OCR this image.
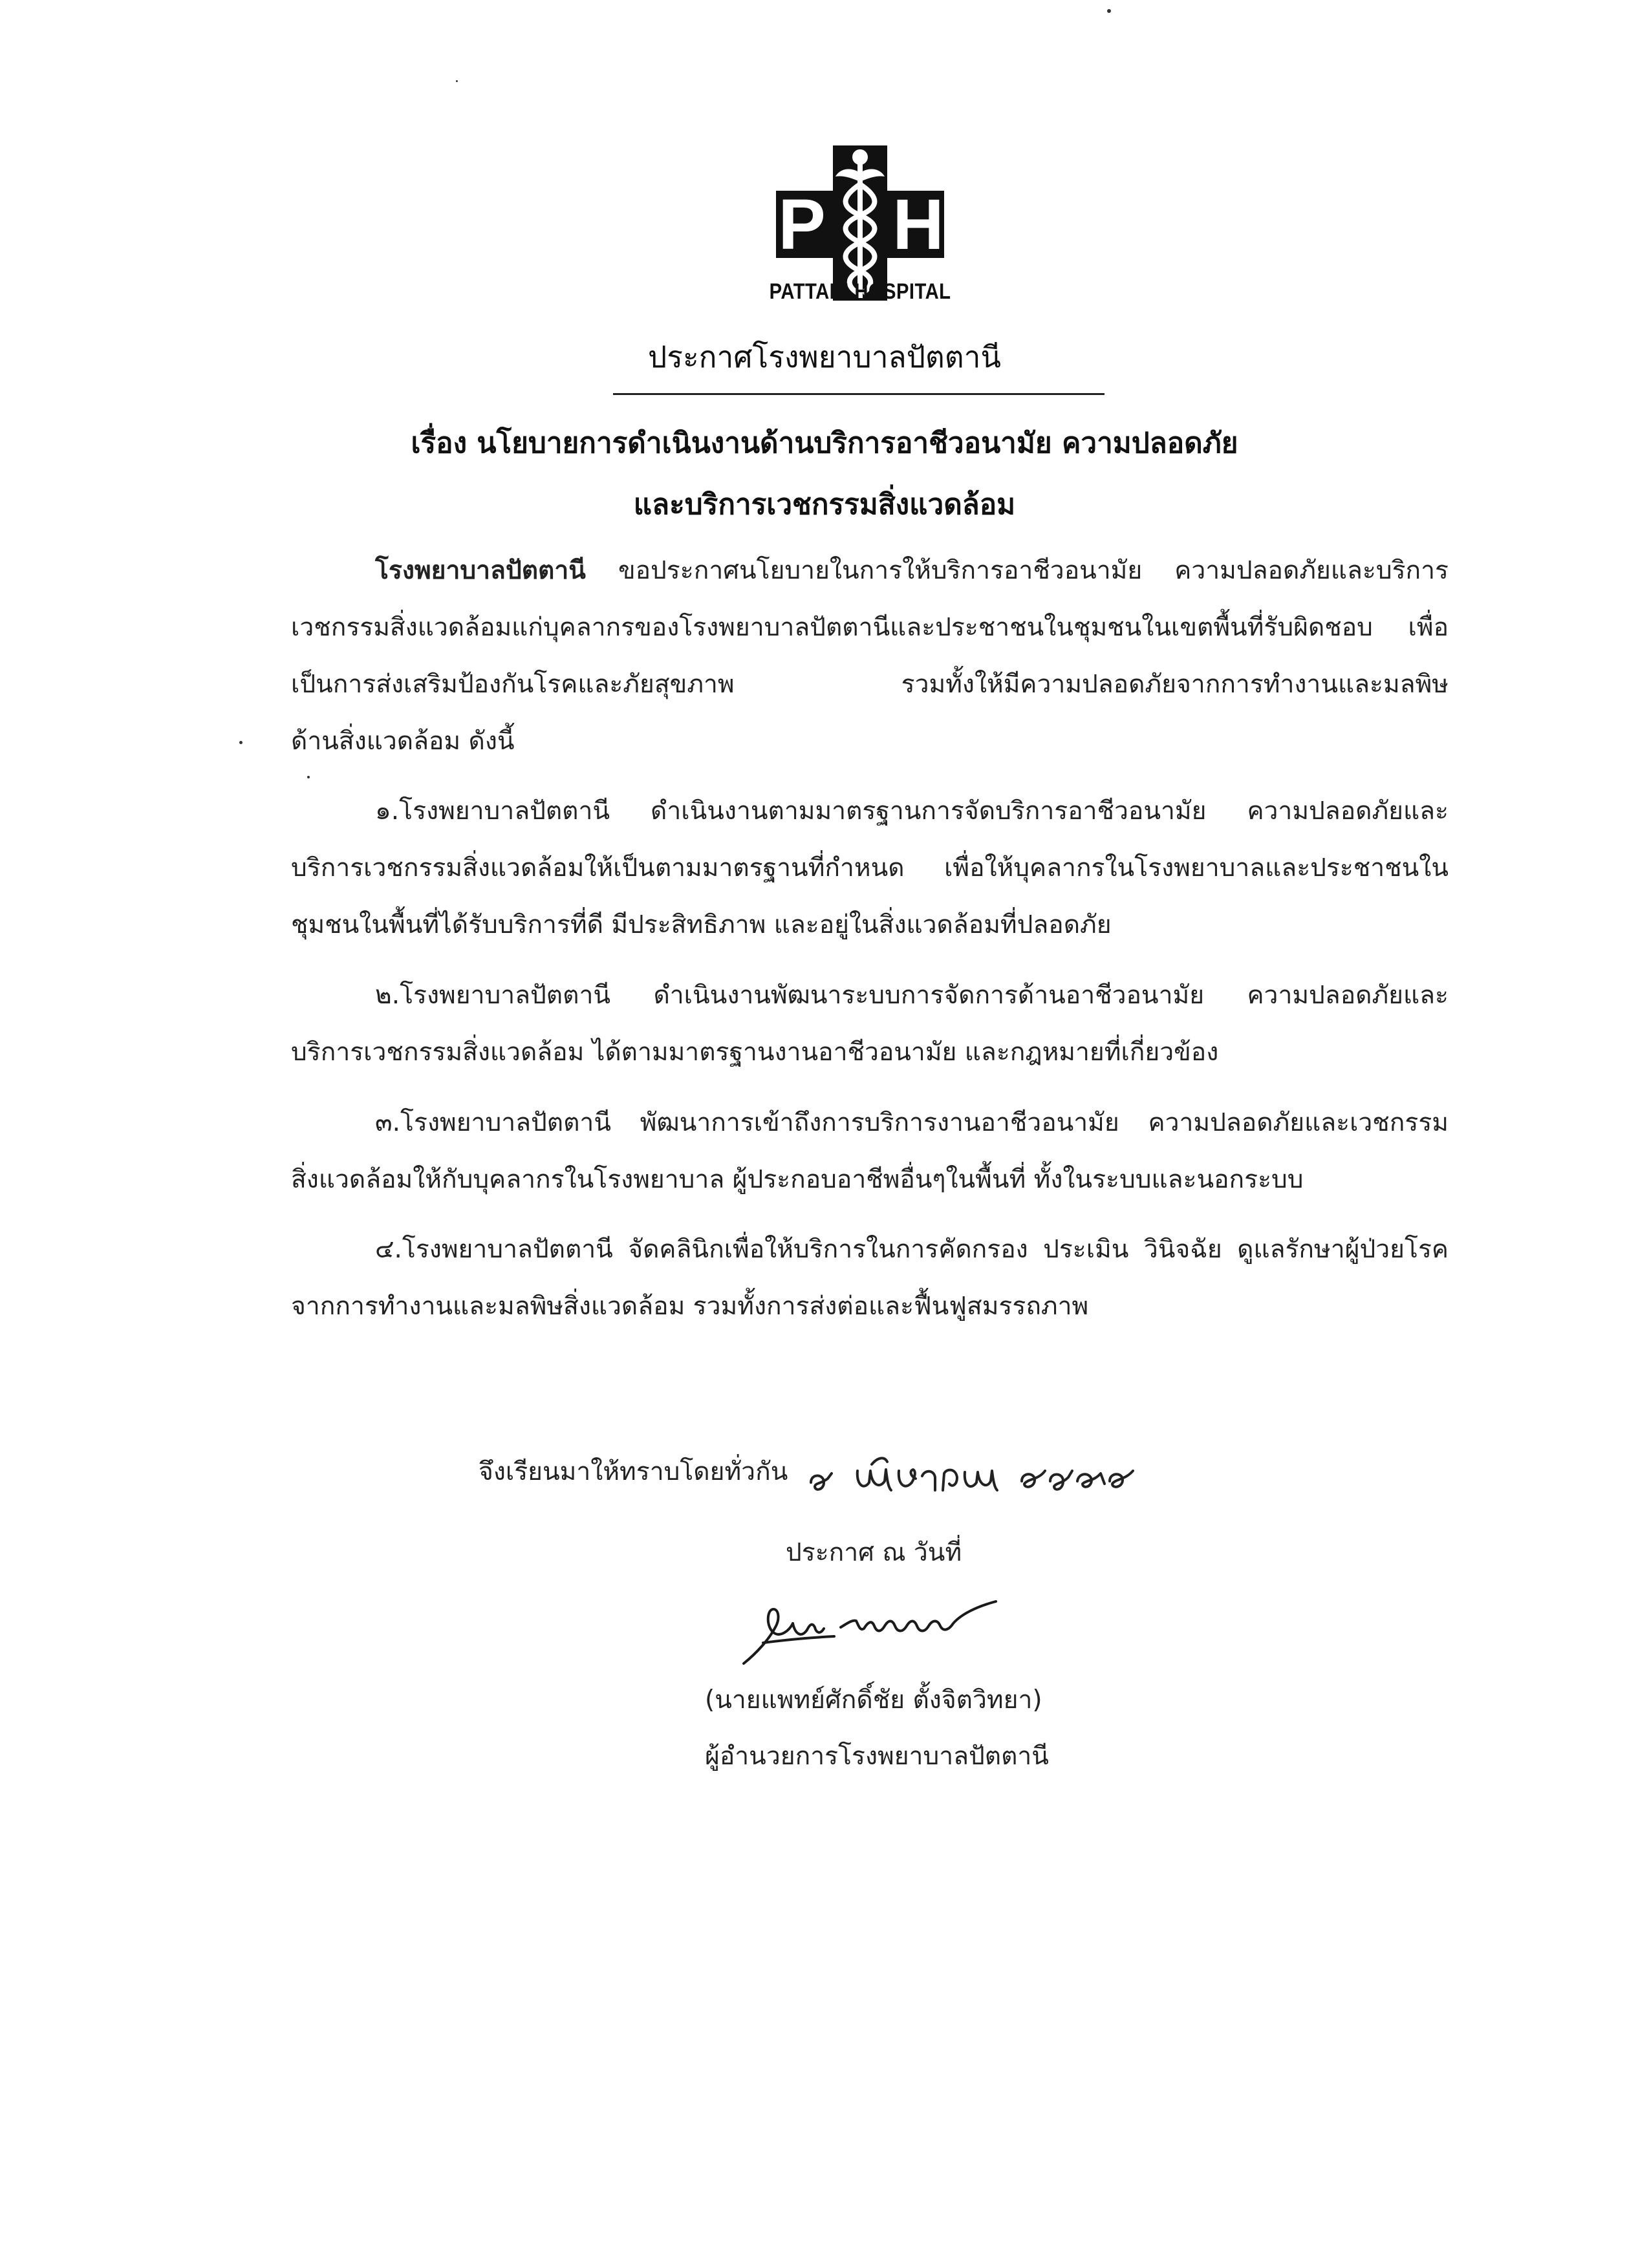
P H
PATTANI HOSPITAL
ประกาศโรงพยาบาลปัตตานี
เรื่อง นโยบายการดำเนินงานด้านบริการอาชีวอนามัย ความปลอดภัย
และบริการเวชกรรมสิ่งแวดล้อม
โรงพยาบาลปัตตานี ขอประกาศนโยบายในการให้บริการอาชีวอนามัย ความปลอดภัยและบริการ
เวชกรรมสิ่งแวดล้อมแก่บุคลากรของโรงพยาบาลปัตตานีและประชาชนในชุมชนในเขตพื้นที่รับผิดชอบ เพื่อ
เป็นการส่งเสริมป้องกันโรคและภัยสุขภาพ รวมทั้งให้มีความปลอดภัยจากการทำงานและมลพิษ
ด้านสิ่งแวดล้อม ดังนี้
๑.โรงพยาบาลปัตตานี ดำเนินงานตามมาตรฐานการจัดบริการอาชีวอนามัย ความปลอดภัยและ
บริการเวชกรรมสิ่งแวดล้อมให้เป็นตามมาตรฐานที่กำหนด เพื่อให้บุคลากรในโรงพยาบาลและประชาชนใน
ชุมชนในพื้นที่ได้รับบริการที่ดี มีประสิทธิภาพ และอยู่ในสิ่งแวดล้อมที่ปลอดภัย
๒.โรงพยาบาลปัตตานี ดำเนินงานพัฒนาระบบการจัดการด้านอาชีวอนามัย ความปลอดภัยและ
บริการเวชกรรมสิ่งแวดล้อม ได้ตามมาตรฐานงานอาชีวอนามัย และกฎหมายที่เกี่ยวข้อง
๓.โรงพยาบาลปัตตานี พัฒนาการเข้าถึงการบริการงานอาชีวอนามัย ความปลอดภัยและเวชกรรม
สิ่งแวดล้อมให้กับบุคลากรในโรงพยาบาล ผู้ประกอบอาชีพอื่นๆในพื้นที่ ทั้งในระบบและนอกระบบ
๔.โรงพยาบาลปัตตานี จัดคลินิกเพื่อให้บริการในการคัดกรอง ประเมิน วินิจฉัย ดูแลรักษาผู้ป่วยโรค
จากการทำงานและมลพิษสิ่งแวดล้อม รวมทั้งการส่งต่อและฟื้นฟูสมรรถภาพ
จึงเรียนมาให้ทราบโดยทั่วกัน
ประกาศ ณ วันที่
(นายแพทย์ศักดิ์ชัย ตั้งจิตวิทยา)
ผู้อำนวยการโรงพยาบาลปัตตานี
